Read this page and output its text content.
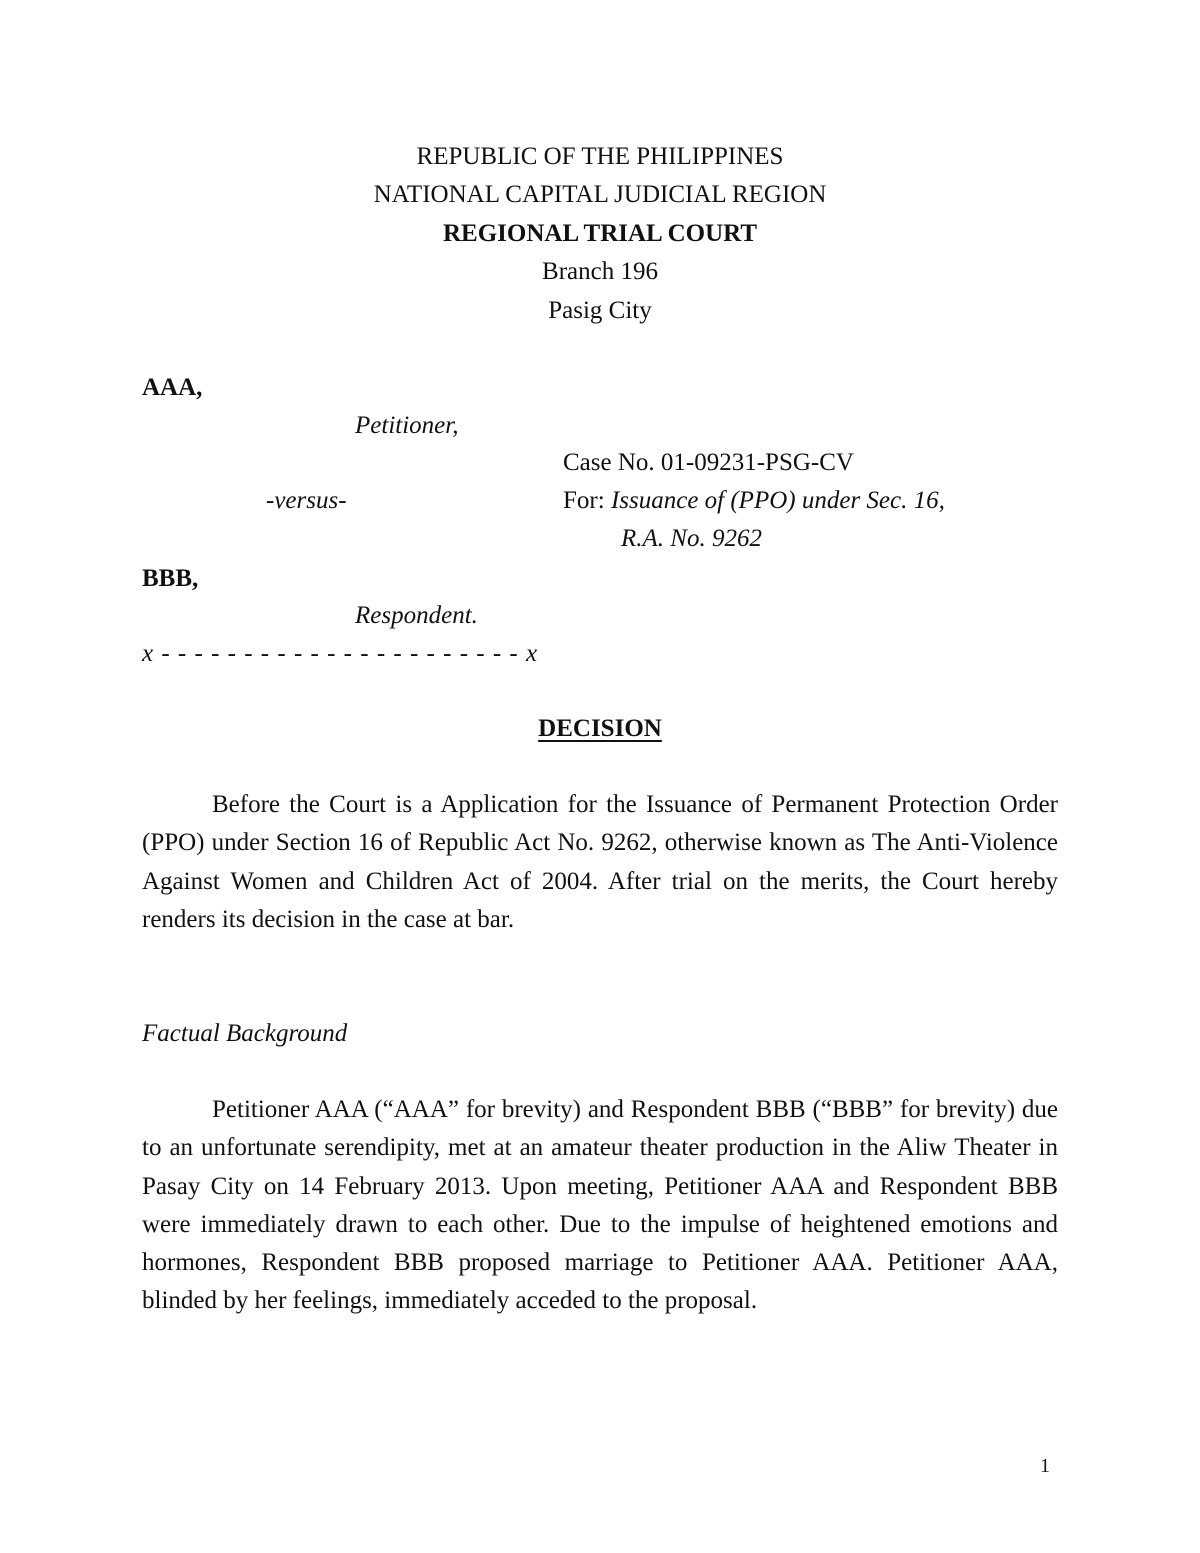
REPUBLIC OF THE PHILIPPINES
NATIONAL CAPITAL JUDICIAL REGION
REGIONAL TRIAL COURT
Branch 196
Pasig City
AAA,
Petitioner,
Case No. 01-09231-PSG-CV
-versus-	For: Issuance of (PPO) under Sec. 16,
R.A. No. 9262
BBB,
Respondent.
x - - - - - - - - - - - - - - - - - - - - - - x
DECISION

Before the Court is a Application for the Issuance of Permanent Protection Order (PPO) under Section 16 of Republic Act No. 9262, otherwise known as The Anti-Violence Against Women and Children Act of 2004. After trial on the merits, the Court hereby renders its decision in the case at bar.

Factual Background

Petitioner AAA (“AAA” for brevity) and Respondent BBB (“BBB” for brevity) due to an unfortunate serendipity, met at an amateur theater production in the Aliw Theater in Pasay City on 14 February 2013. Upon meeting, Petitioner AAA and Respondent BBB were immediately drawn to each other. Due to the impulse of heightened emotions and hormones, Respondent BBB proposed marriage to Petitioner AAA. Petitioner AAA, blinded by her feelings, immediately acceded to the proposal.

1
